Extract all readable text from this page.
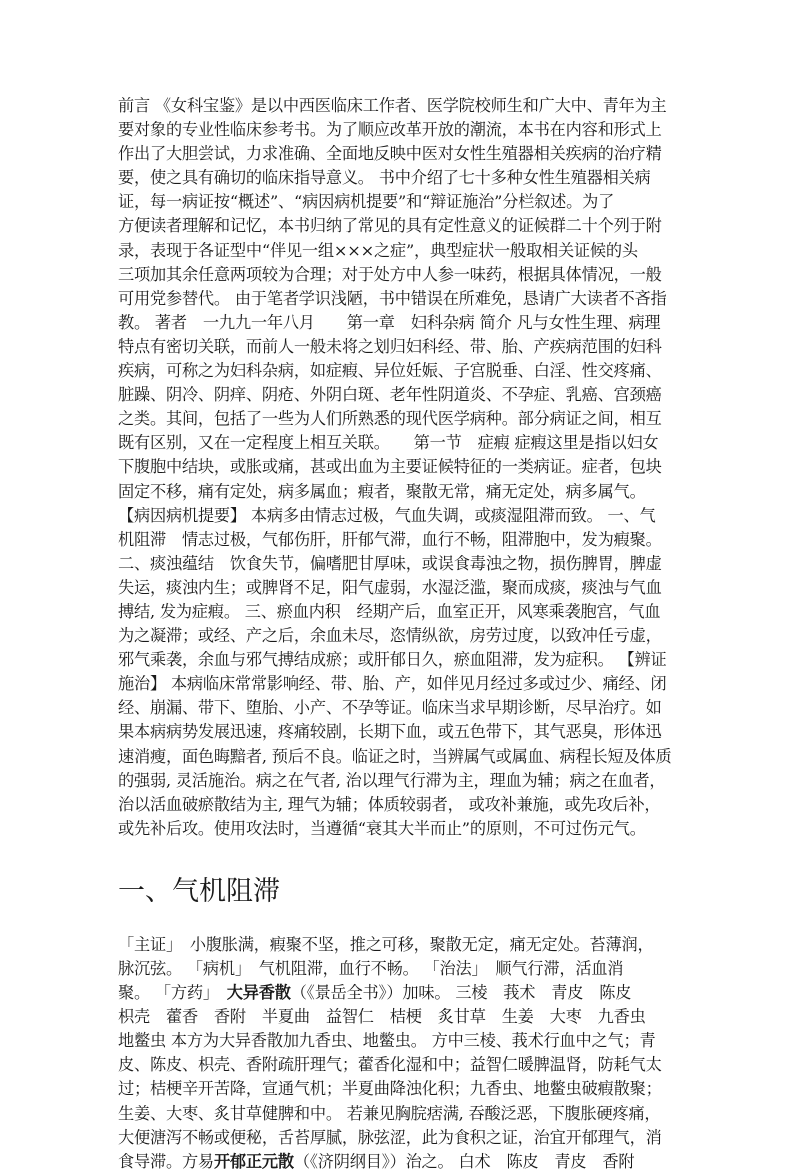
前言 《女科宝鉴》是以中西医临床工作者、医学院校师生和广大中、青年为主
要对象的专业性临床参考书。为了顺应改革开放的潮流，本书在内容和形式上
作出了大胆尝试，力求准确、全面地反映中医对女性生殖器相关疾病的治疗精
要，使之具有确切的临床指导意义。 书中介绍了七十多种女性生殖器相关病
证，每一病证按“概述”、“病因病机提要”和“辩证施治”分栏叙述。为了
方便读者理解和记忆，本书归纳了常见的具有定性意义的证候群二十个列于附
录，表现于各证型中“伴见一组×××之症”，典型症状一般取相关证候的头
三项加其余任意两项较为合理；对于处方中人参一味药，根据具体情况，一般
可用党参替代。 由于笔者学识浅陋，书中错误在所难免，恳请广大读者不吝指
教。 著者　一九九一年八月　　第一章　妇科杂病 简介 凡与女性生理、病理
特点有密切关联，而前人一般未将之划归妇科经、带、胎、产疾病范围的妇科
疾病，可称之为妇科杂病，如症瘕、异位妊娠、子宫脱垂、白淫、性交疼痛、
脏躁、阴冷、阴痒、阴疮、外阴白斑、老年性阴道炎、不孕症、乳癌、宫颈癌
之类。其间，包括了一些为人们所熟悉的现代医学病种。部分病证之间，相互
既有区别，又在一定程度上相互关联。　　第一节　症瘕 症瘕这里是指以妇女
下腹胞中结块，或胀或痛，甚或出血为主要证候特征的一类病证。症者，包块
固定不移，痛有定处，病多属血；瘕者，聚散无常，痛无定处，病多属气。
【病因病机提要】 本病多由情志过极，气血失调，或痰湿阻滞而致。 一、气
机阻滞　情志过极，气郁伤肝，肝郁气滞，血行不畅，阻滞胞中，发为瘕聚。
二、痰浊蕴结　饮食失节，偏嗜肥甘厚味，或误食毒浊之物，损伤脾胃，脾虚
失运，痰浊内生；或脾肾不足，阳气虚弱，水湿泛滥，聚而成痰，痰浊与气血
搏结, 发为症瘕。 三、瘀血内积　经期产后，血室正开，风寒乘袭胞宫，气血
为之凝滞；或经、产之后，余血未尽，恣情纵欲，房劳过度，以致冲任亏虚，
邪气乘袭，余血与邪气搏结成瘀；或肝郁日久，瘀血阻滞，发为症积。 【辨证
施治】 本病临床常常影响经、带、胎、产，如伴见月经过多或过少、痛经、闭
经、崩漏、带下、堕胎、小产、不孕等证。临床当求早期诊断，尽早治疗。如
果本病病势发展迅速，疼痛较剧，长期下血，或五色带下，其气恶臭，形体迅
速消瘦，面色晦黯者, 预后不良。临证之时，当辨属气或属血、病程长短及体质
的强弱, 灵活施治。病之在气者, 治以理气行滞为主，理血为辅；病之在血者，
治以活血破瘀散结为主, 理气为辅；体质较弱者， 或攻补兼施，或先攻后补，
或先补后攻。使用攻法时，当遵循“衰其大半而止”的原则，不可过伤元气。
一、气机阻滞
「主证」　小腹胀满，瘕聚不坚，推之可移，聚散无定，痛无定处。苔薄润，
脉沉弦。 「病机」　气机阻滞，血行不畅。 「治法」　顺气行滞，活血消
聚。 「方药」　大异香散（《景岳全书》）加味。 三棱　莪术　青皮　陈皮
枳壳　藿香　香附　半夏曲　益智仁　桔梗　炙甘草　生姜　大枣　九香虫
地鳖虫 本方为大异香散加九香虫、地鳖虫。 方中三棱、莪术行血中之气；青
皮、陈皮、枳壳、香附疏肝理气；藿香化湿和中；益智仁暖脾温肾，防耗气太
过；桔梗辛开苦降，宣通气机；半夏曲降浊化积；九香虫、地鳖虫破瘕散聚；
生姜、大枣、炙甘草健脾和中。 若兼见胸脘痞满, 吞酸泛恶，下腹胀硬疼痛，
大便溏泻不畅或便秘，舌苔厚腻，脉弦涩，此为食积之证，治宜开郁理气，消
食导滞。方易开郁正元散（《济阴纲目》）治之。 白术　陈皮　青皮　香附
